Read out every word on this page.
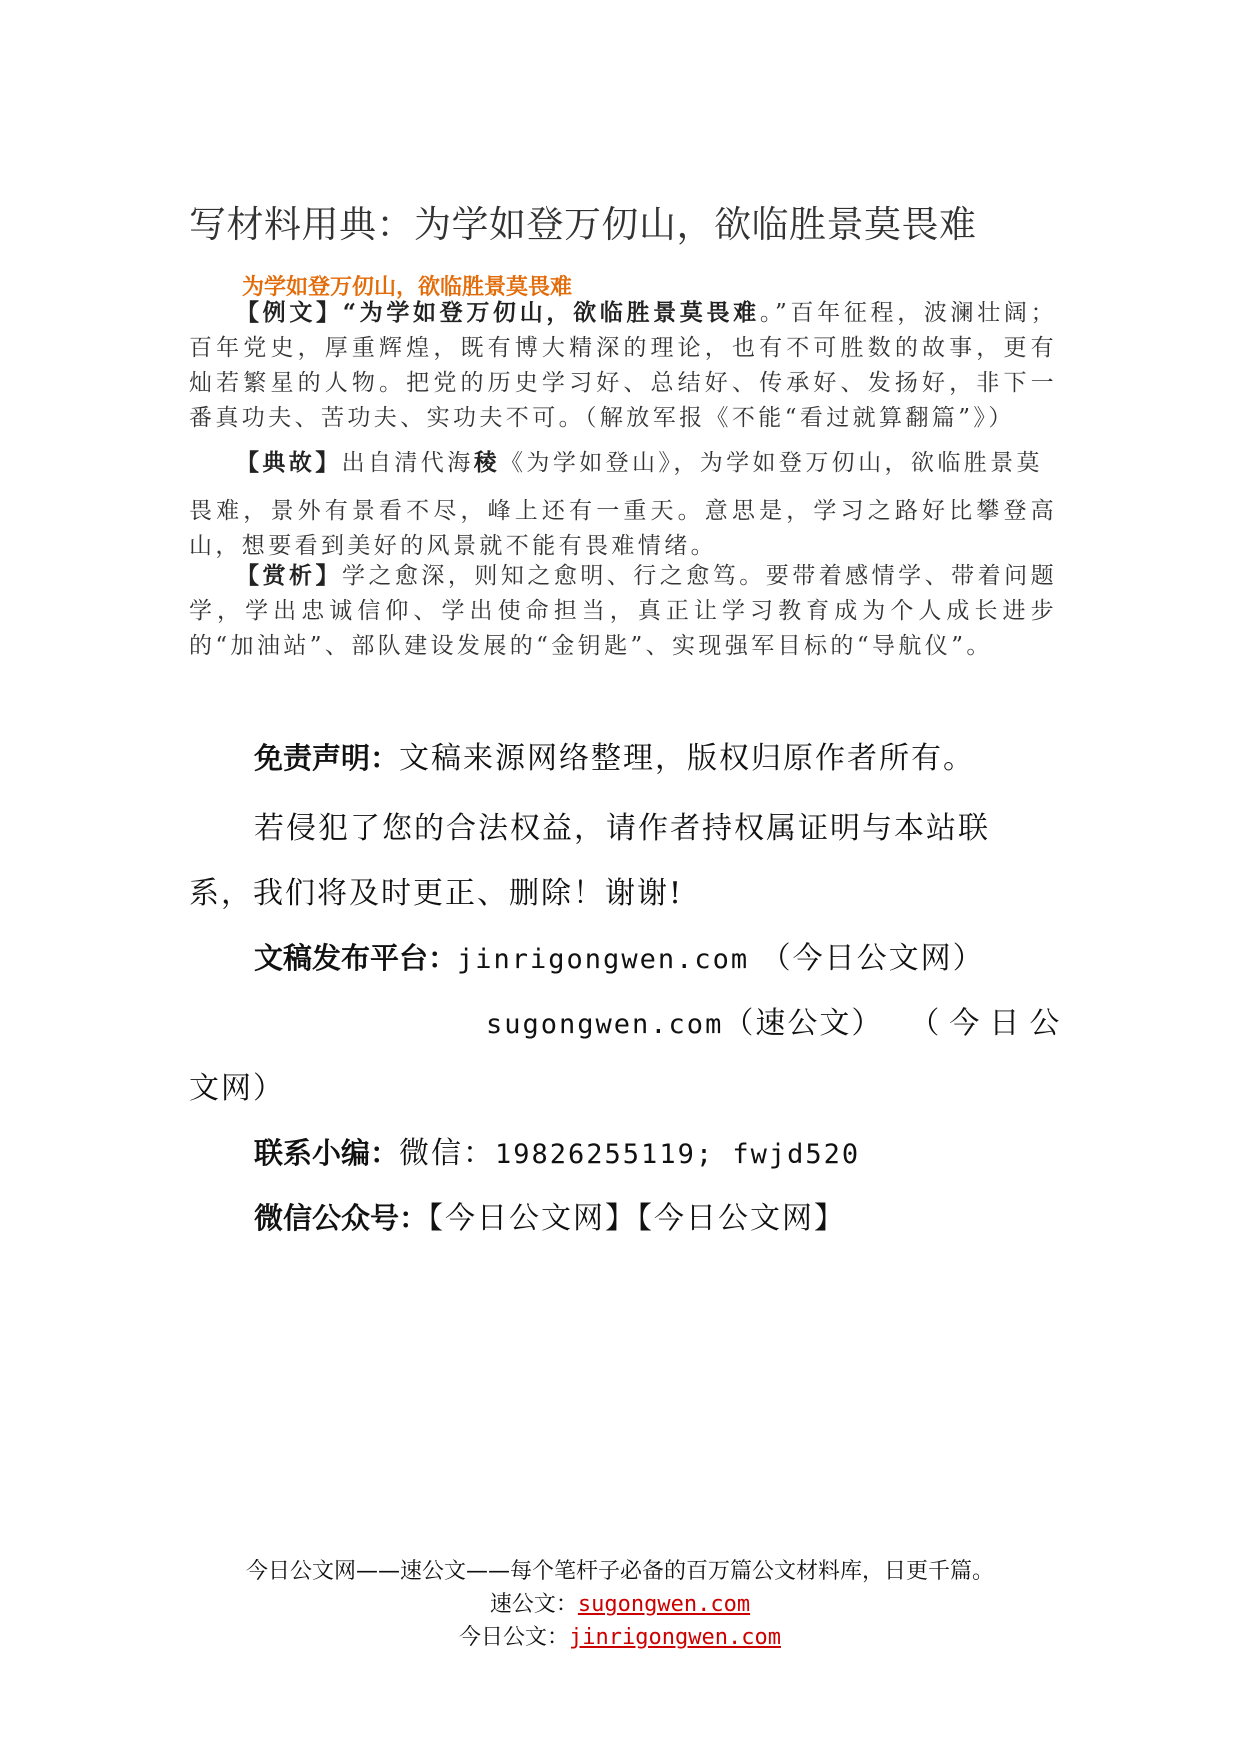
写材料用典：为学如登万仞山，欲临胜景莫畏难
为学如登万仞山，欲临胜景莫畏难
【例文】“为学如登万仞山，欲临胜景莫畏难。”百年征程，波澜壮阔；百年党史，厚重辉煌，既有博大精深的理论，也有不可胜数的故事，更有灿若繁星的人物。把党的历史学习好、总结好、传承好、发扬好，非下一番真功夫、苦功夫、实功夫不可。（解放军报《不能“看过就算翻篇”》）
【典故】出自清代海稜《为学如登山》，为学如登万仞山，欲临胜景莫
畏难，景外有景看不尽，峰上还有一重天。意思是，学习之路好比攀登高山，想要看到美好的风景就不能有畏难情绪。
【赏析】学之愈深，则知之愈明、行之愈笃。要带着感情学、带着问题学，学出忠诚信仰、学出使命担当，真正让学习教育成为个人成长进步的“加油站”、部队建设发展的“金钥匙”、实现强军目标的“导航仪”。
免责声明：文稿来源网络整理，版权归原作者所有。
若侵犯了您的合法权益，请作者持权属证明与本站联
系，我们将及时更正、删除！谢谢!
文稿发布平台：jinrigongwen.com （今日公文网）
sugongwen.com（速公文） （今日公
文网）
联系小编：微信：19826255119; fwjd520
微信公众号：【今日公文网】【今日公文网】
今日公文网——速公文——每个笔杆子必备的百万篇公文材料库，日更千篇。
速公文：sugongwen.com
今日公文：jinrigongwen.com
